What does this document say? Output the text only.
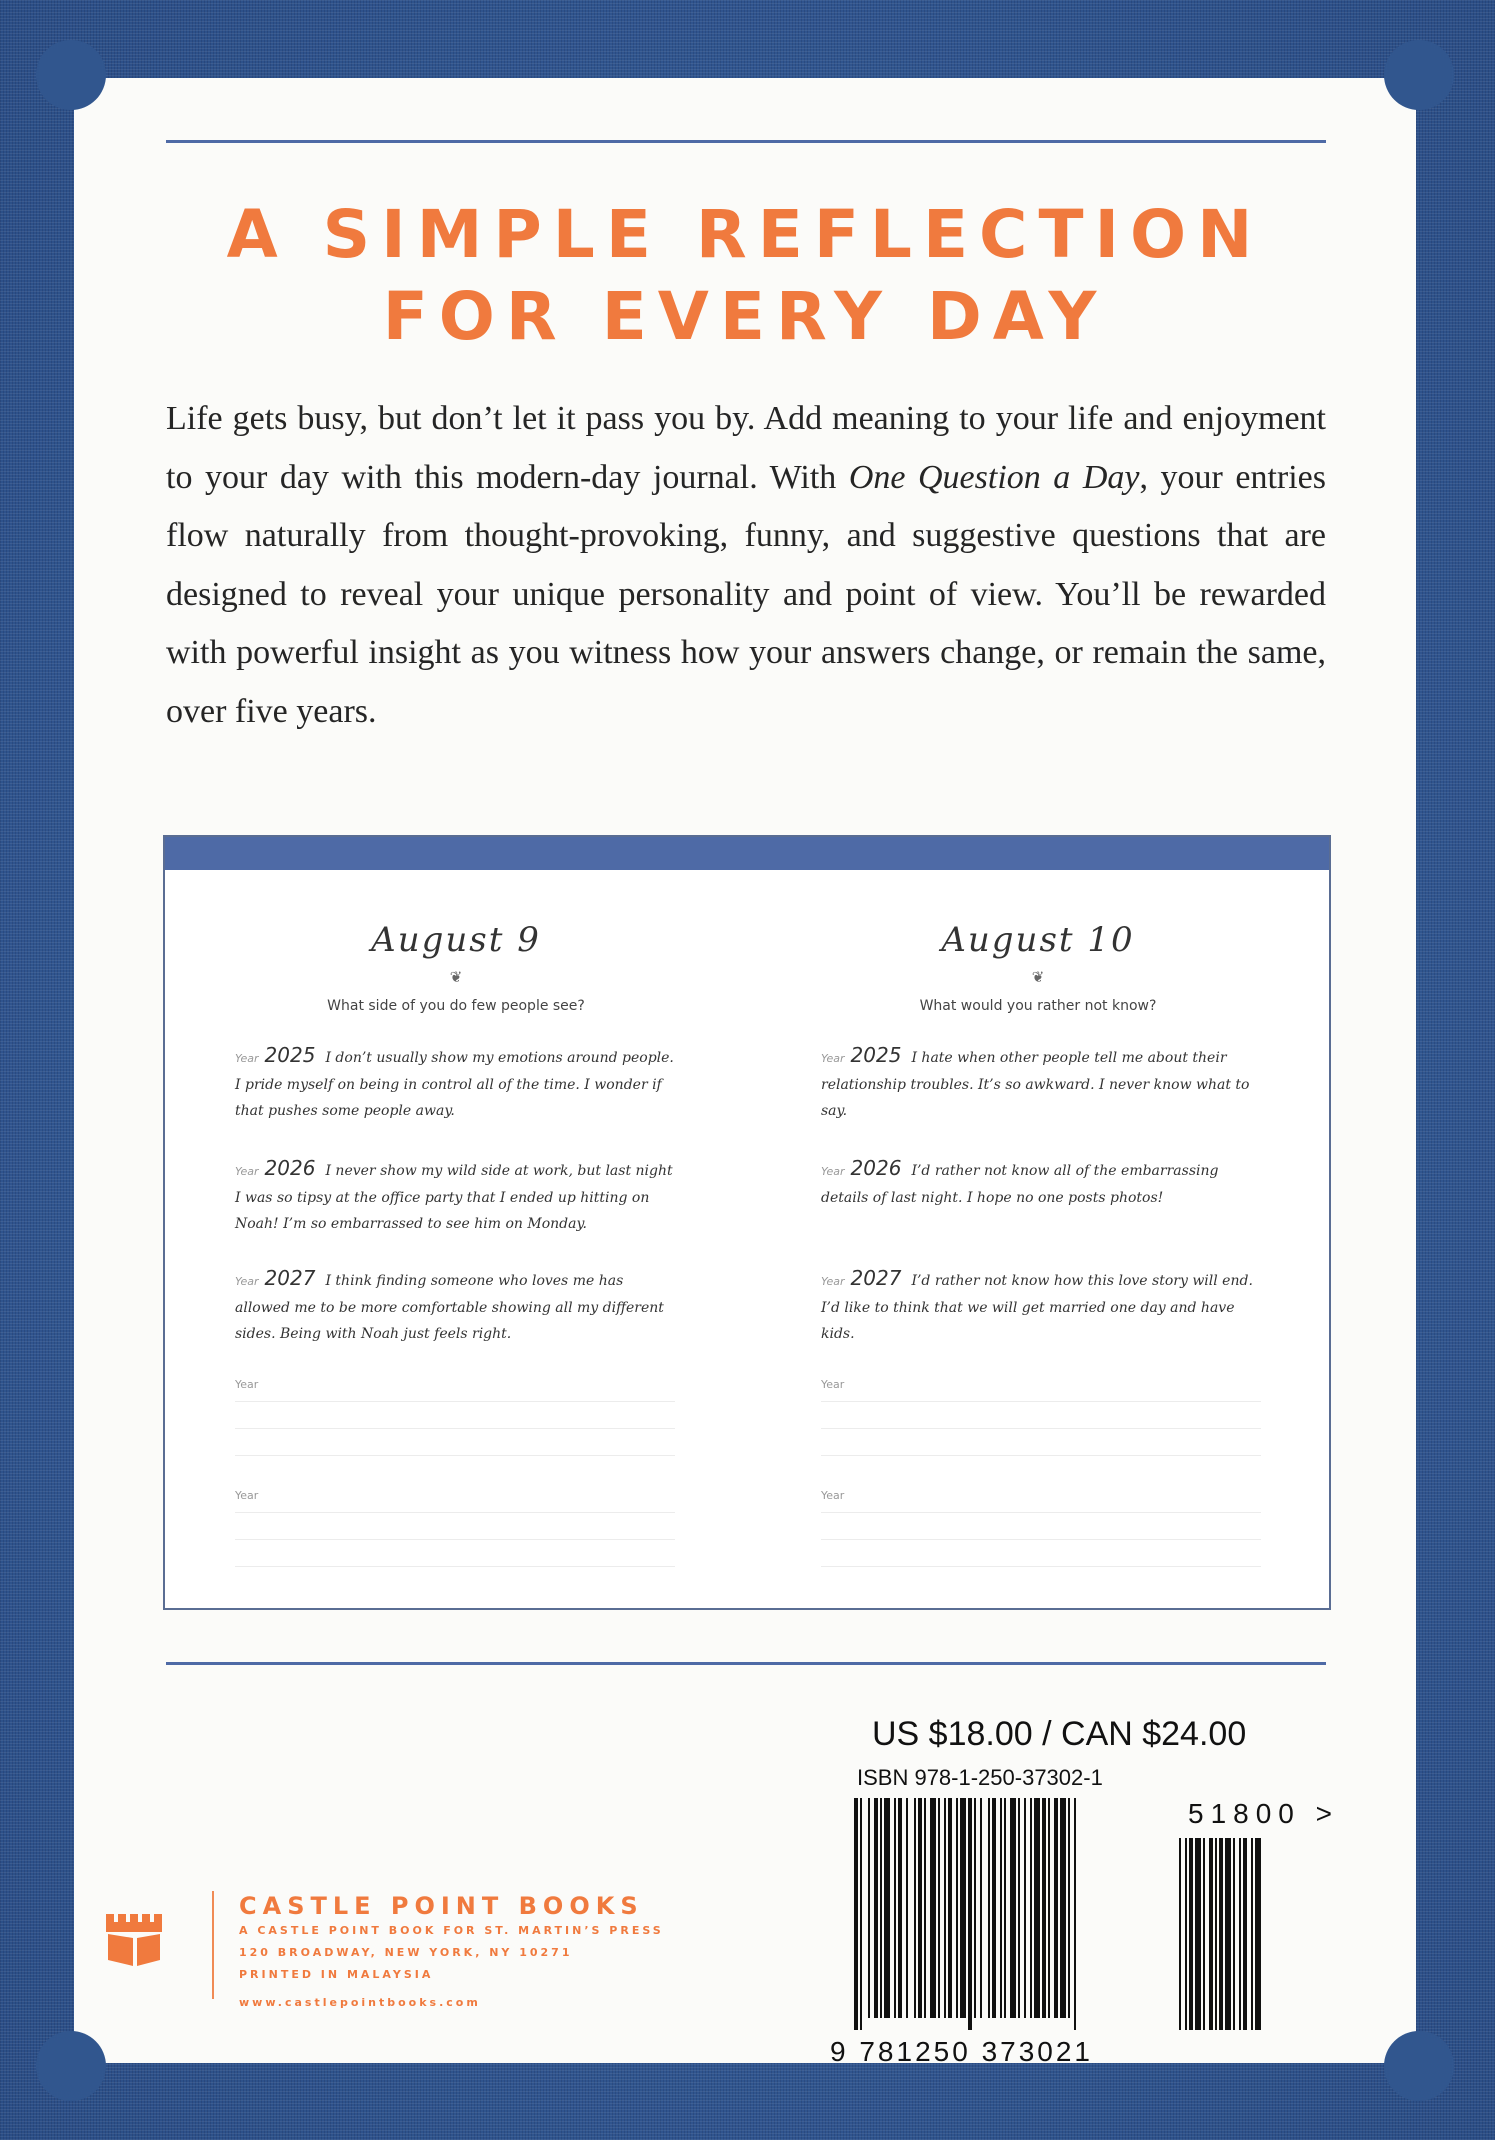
A SIMPLE REFLECTION
FOR EVERY DAY

Life gets busy, but don’t let it pass you by. Add meaning to your life and enjoyment to your day with this modern-day journal. With One Question a Day, your entries flow naturally from thought-provoking, funny, and suggestive questions that are designed to reveal your unique personality and point of view. You’ll be rewarded with powerful insight as you witness how your answers change, or remain the same, over five years.

August 9
❦
What side of you do few people see?
Year 2025 I don’t usually show my emotions around people. I pride myself on being in control all of the time. I wonder if that pushes some people away.
Year 2026 I never show my wild side at work, but last night I was so tipsy at the office party that I ended up hitting on Noah! I’m so embarrassed to see him on Monday.
Year 2027 I think finding someone who loves me has allowed me to be more comfortable showing all my different sides. Being with Noah just feels right.
Year
Year
August 10
❦
What would you rather not know?
Year 2025 I hate when other people tell me about their relationship troubles. It’s so awkward. I never know what to say.
Year 2026 I’d rather not know all of the embarrassing details of last night. I hope no one posts photos!
Year 2027 I’d rather not know how this love story will end. I’d like to think that we will get married one day and have kids.
Year
Year
CASTLE POINT BOOKS
A CASTLE POINT BOOK FOR ST. MARTIN’S PRESS
120 BROADWAY, NEW YORK, NY 10271
PRINTED IN MALAYSIA
www.castlepointbooks.com
US $18.00 / CAN $24.00
ISBN 978-1-250-37302-1
9 781250 373021
51800 >
